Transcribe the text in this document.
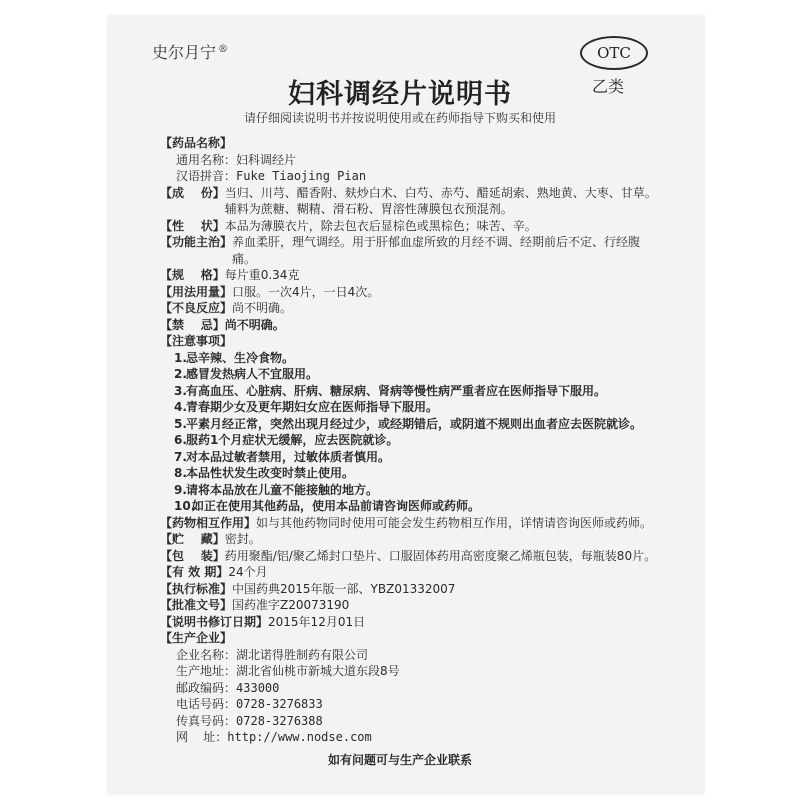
史尔月宁 ®	OTC
乙类
妇科调经片说明书
请仔细阅读说明书并按说明使用或在药师指导下购买和使用
【药品名称】
通用名称： 妇科调经片
汉语拼音： Fuke Tiaojing Pian
【成    份】 当归、川芎、醋香附、麸炒白术、白芍、赤芍、醋延胡索、熟地黄、大枣、甘草。辅料为蔗糖、糊精、滑石粉、胃溶性薄膜包衣预混剂。
【性    状】 本品为薄膜衣片，除去包衣后显棕色或黑棕色；味苦、辛。
【功能主治】 养血柔肝，理气调经。用于肝郁血虚所致的月经不调、经期前后不定、行经腹痛。
【规    格】 每片重0.34克
【用法用量】 口服。一次4片，一日4次。
【不良反应】 尚不明确。
【禁    忌】 尚不明确。
【注意事项】
1. 忌辛辣、生冷食物。
2. 感冒发热病人不宜服用。
3. 有高血压、心脏病、肝病、糖尿病、肾病等慢性病严重者应在医师指导下服用。
4. 青春期少女及更年期妇女应在医师指导下服用。
5. 平素月经正常，突然出现月经过少，或经期错后，或阴道不规则出血者应去医院就诊。
6. 服药1个月症状无缓解，应去医院就诊。
7. 对本品过敏者禁用，过敏体质者慎用。
8. 本品性状发生改变时禁止使用。
9. 请将本品放在儿童不能接触的地方。
10.
如正在使用其他药品，使用本品前请咨询医师或药师。
【药物相互作用】 如与其他药物同时使用可能会发生药物相互作用，详情请咨询医师或药师。
【贮    藏】 密封。
【包    装】 药用聚酯/铝/聚乙烯封口垫片、口服固体药用高密度聚乙烯瓶包装，每瓶装80片。
【有 效 期】 24个月
【执行标准】 中国药典2015年版一部、YBZ01332007
【批准文号】 国药准字Z20073190
【说明书修订日期】 2015年12月01日
【生产企业】
企业名称： 湖北诺得胜制药有限公司
生产地址： 湖北省仙桃市新城大道东段8号
邮政编码： 433000
电话号码： 0728-3276833
传真号码： 0728-3276388
网    址： http://www.nodse.com
如有问题可与生产企业联系
